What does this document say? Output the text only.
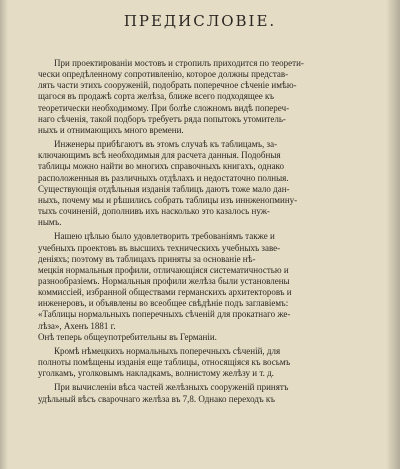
ПРЕДИСЛОВІЕ.
При проектированіи мостовъ и стропилъ приходится по теорети-
чески опредѣленному сопротивленію, которое должны представ-
лять части этихъ сооруженій, подобрать поперечное сѣченіе имѣю-
щагося въ продажѣ сорта желѣза, ближе всего подходящее къ
теоретически необходимому. При болѣе сложномъ видѣ попереч-
наго сѣченія, такой подборъ требуетъ ряда попытокъ утомитель-
ныхъ и отнимающихъ много времени.
Инженеры прибѣгаютъ въ этомъ случаѣ къ таблицамъ, за-
ключающимъ всѣ необходимыя для расчета данныя. Подобныя
таблицы можно найти во многихъ справочныхъ книгахъ, однако
расположенныя въ различныхъ отдѣлахъ и недостаточно полныя.
Существующія отдѣльныя изданія таблицъ даютъ тоже мало дан-
ныхъ, почему мы и рѣшились собрать таблицы изъ иннженопмину-
тыхъ сочиненій, дополнивъ ихъ насколько это казалось нуж-
нымъ.
Нашею цѣлью было удовлетворить требованіямъ также и
учебныхъ проектовъ въ высшихъ техническихъ учебныхъ заве-
деніяхъ; поэтому въ таблицахъ приняты за основаніе нѣ-
мецкія нормальныя профили, отличающіяся систематичностью и
разнообразіемъ. Нормальныя профили желѣза были установлены
коммиссіей, избранной обществами германскихъ архитекторовъ и
инженеровъ, и объявлены во всеобщее свѣдѣніе подъ заглавіемъ:
«Таблицы нормальныхъ поперечныхъ сѣченій для прокатнаго же-
лѣза», Ахенъ 1881 г.
Онѣ теперь общеупотребительны въ Германіи.
Кромѣ нѣмецкихъ нормальныхъ поперечныхъ сѣченій, для
полноты помѣщены изданія еще таблицы, относящіяся къ восьмъ
уголкамъ, уголковымъ накладкамъ, волнистому желѣзу и т. д.
При вычисленіи вѣса частей желѣзныхъ сооруженій принятъ
удѣльный вѣсъ сварочнаго желѣза въ 7,8. Однако переходъ къ
